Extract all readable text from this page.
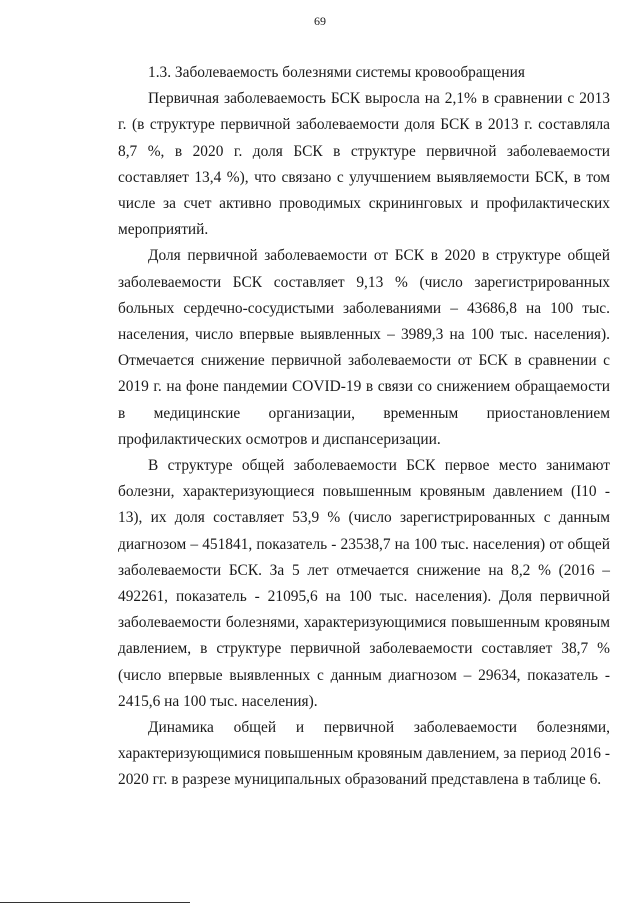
69

1.3. Заболеваемость болезнями системы кровообращения

Первичная заболеваемость БСК выросла на 2,1% в сравнении с 2013 г. (в структуре первичной заболеваемости доля БСК в 2013 г. составляла 8,7 %, в 2020 г. доля БСК в структуре первичной заболеваемости составляет 13,4 %), что связано с улучшением выявляемости БСК, в том числе за счет активно проводимых скрининговых и профилактических мероприятий.

Доля первичной заболеваемости от БСК в 2020 в структуре общей заболеваемости БСК составляет 9,13 % (число зарегистрированных больных сердечно-сосудистыми заболеваниями – 43686,8 на 100 тыс. населения, число впервые выявленных – 3989,3 на 100 тыс. населения). Отмечается снижение первичной заболеваемости от БСК в сравнении с 2019 г. на фоне пандемии COVID-19 в связи со снижением обращаемости в медицинские организации, временным приостановлением профилактических осмотров и диспансеризации.

В структуре общей заболеваемости БСК первое место занимают болезни, характеризующиеся повышенным кровяным давлением (I10 - 13), их доля составляет 53,9 % (число зарегистрированных с данным диагнозом – 451841, показатель - 23538,7 на 100 тыс. населения) от общей заболеваемости БСК. За 5 лет отмечается снижение на 8,2 % (2016 – 492261, показатель - 21095,6 на 100 тыс. населения). Доля первичной заболеваемости болезнями, характеризующимися повышенным кровяным давлением, в структуре первичной заболеваемости составляет 38,7 % (число впервые выявленных с данным диагнозом – 29634, показатель - 2415,6 на 100 тыс. населения).

Динамика общей и первичной заболеваемости болезнями, характеризующимися повышенным кровяным давлением, за период 2016 - 2020 гг. в разрезе муниципальных образований представлена в таблице 6.
